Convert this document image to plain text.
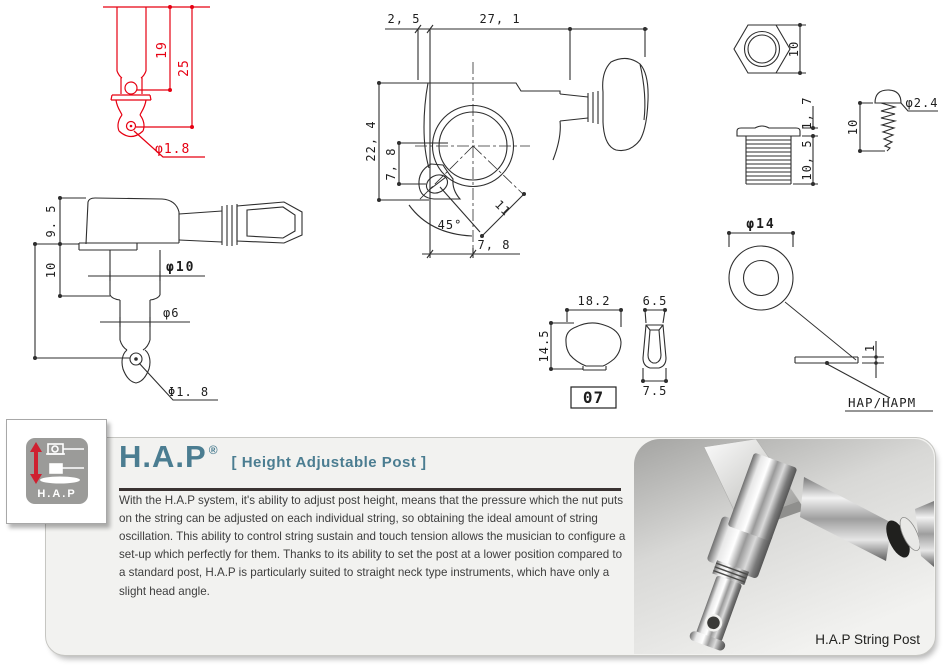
19
25
φ1.8
9. 5
10	φ10
φ6
Φ1. 8
2, 5	27, 1
22, 4
7, 8
45°
11
7, 8
10
1, 7
10, 5
φ2.4
10
φ14
1
HAP/HAPM
18.2
14.5
07
6.5
7.5
H.A.P
H.A.P String Post
H.A.P ®
[ Height Adjustable Post ]

With the H.A.P system, it's ability to adjust post height, means that the pressure which the nut puts on the string can be adjusted on each individual string, so obtaining the ideal amount of string oscillation. This ability to control string sustain and touch tension allows the musician to configure a set-up which perfectly for them. Thanks to its ability to set the post at a lower position compared to a standard post, H.A.P is particularly suited to straight neck type instruments, which have only a slight head angle.
